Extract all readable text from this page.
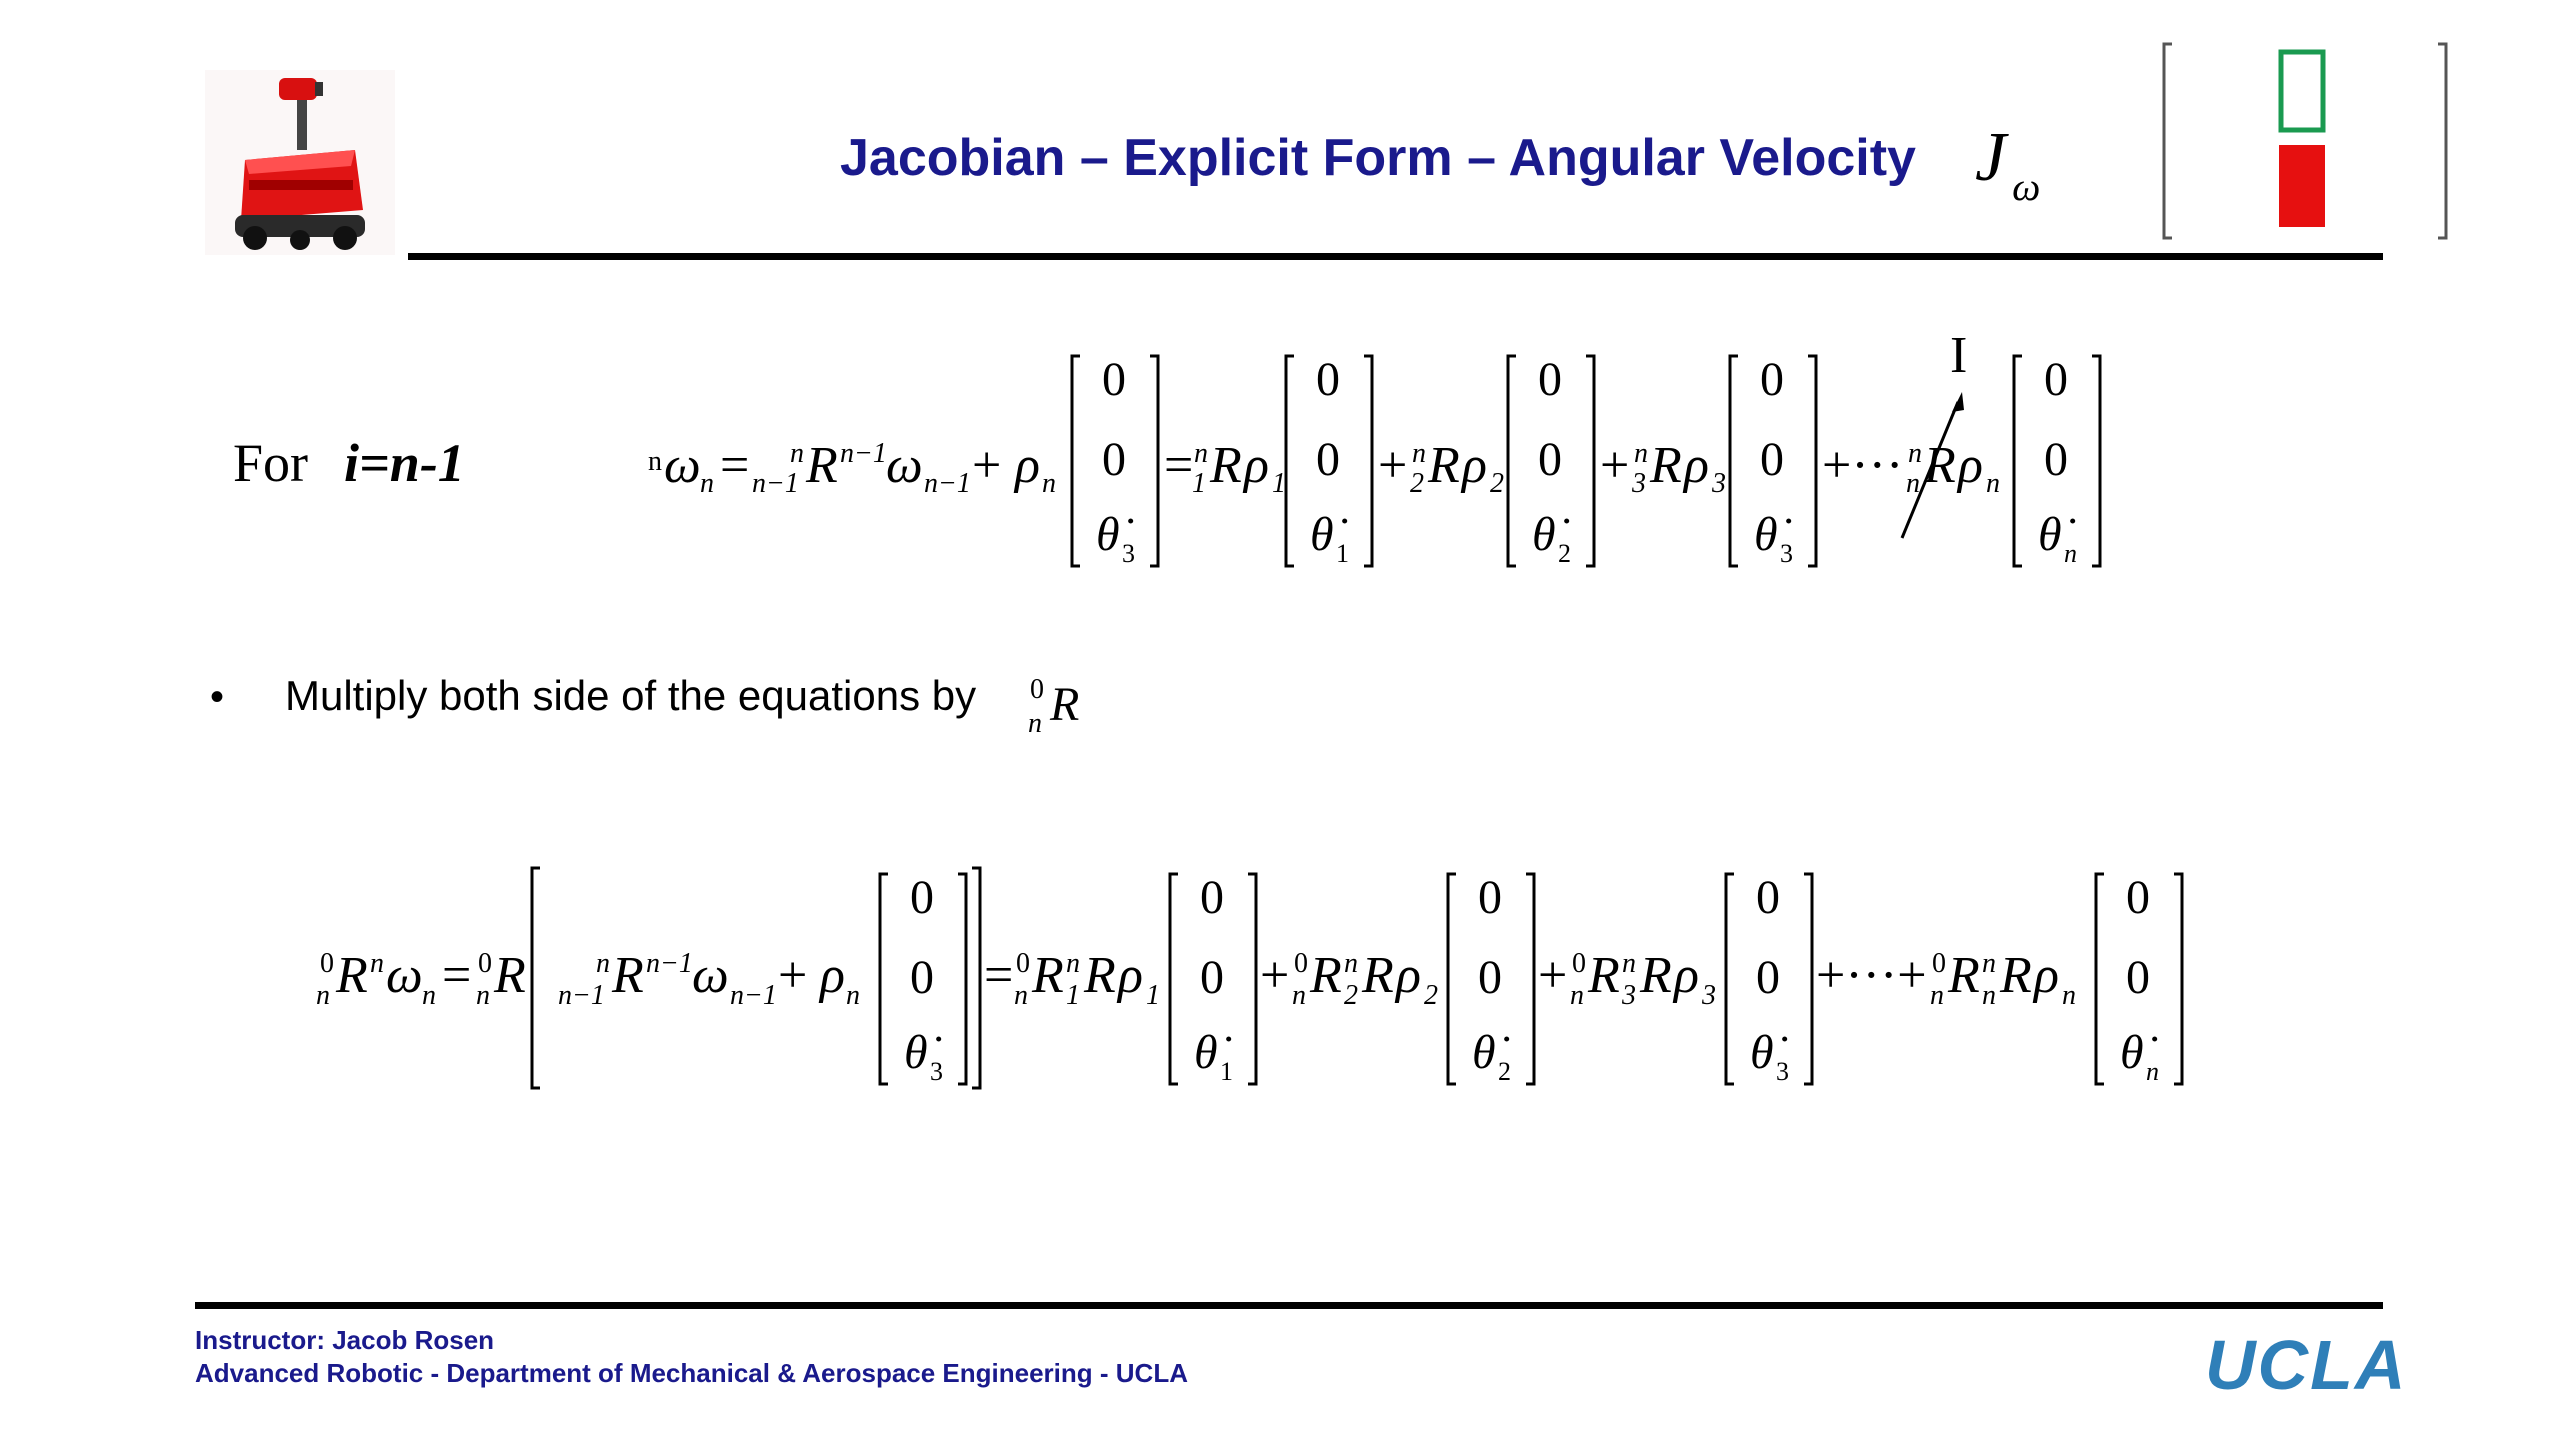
Jacobian – Explicit Form – Angular Velocity J $_\omega$
For i=n-1	n ω n = n−1
n R n−1 ω n−1 + ρ n
0
0
θ̇ 3
=
1
n R ρ 1
0
0
θ̇ 1
+ 2
n R ρ 2
0
0
θ̇ 2
+ 3
n R ρ 3
0
0
θ̇ 3
+··· n
n R ρ n
I 0
0
θ̇ n
• Multiply both side of the equations by 0
n R
0
n R n ω n = 0
n R n−1
n R n−1 ω n−1 + ρ n
0
0
θ̇ 3
= 0
n R n
1 R ρ 1
0
0
θ̇ 1
+ 0
n R n
2 R ρ 2
0
0
θ̇ 2
+ 0
n R n
3 R ρ 3
0
0
θ̇ 3
+···+ 0
n R n
n R ρ n
0
0
θ̇ n
Instructor: Jacob Rosen
Advanced Robotic - Department of Mechanical & Aerospace Engineering - UCLA	UCLA
